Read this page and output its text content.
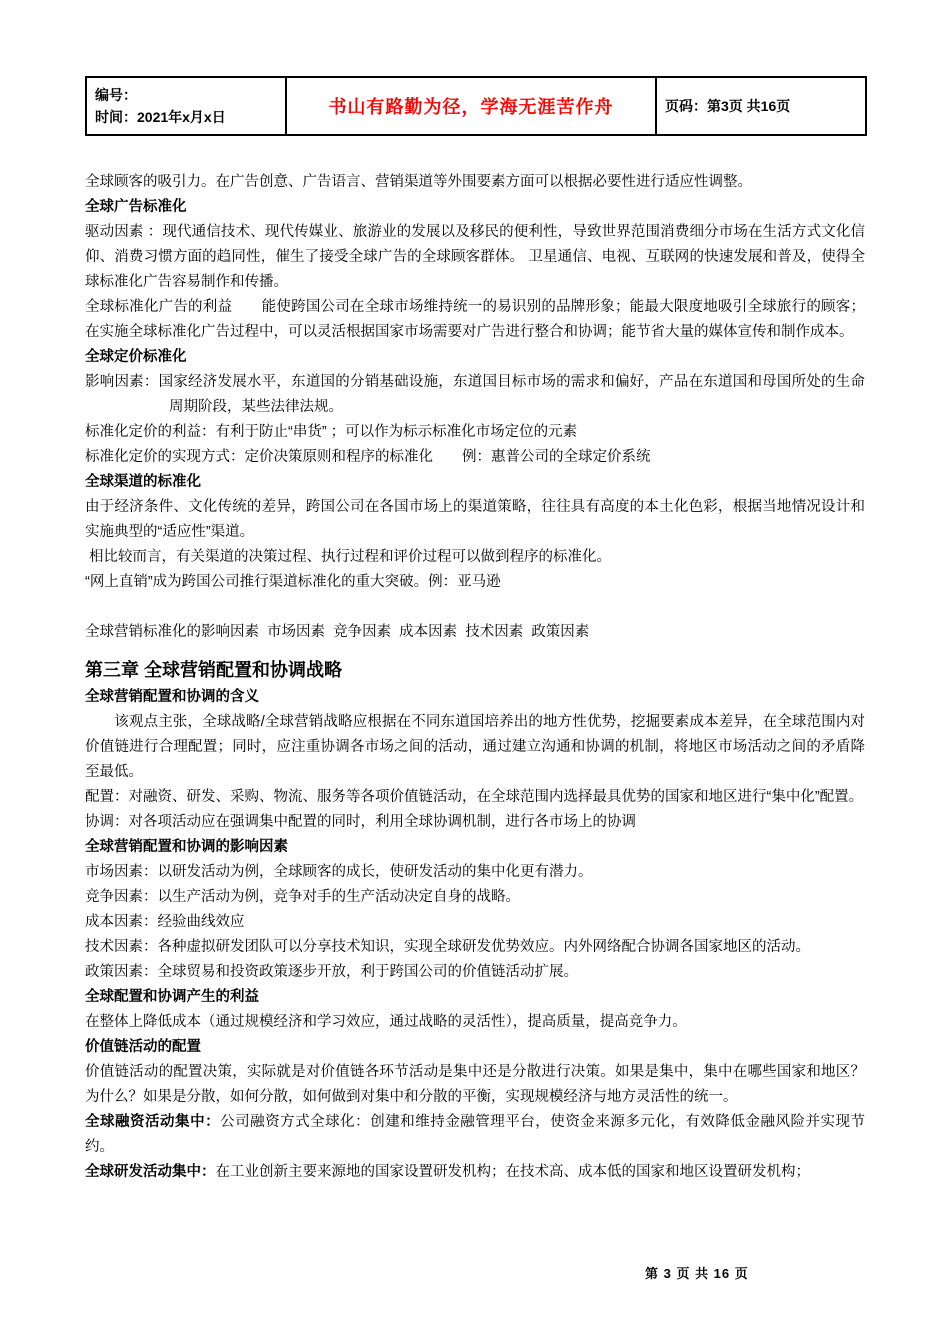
编号：
时间：2021年x月x日	书山有路勤为径，学海无涯苦作舟	页码：第3页 共16页
全球顾客的吸引力。在广告创意、广告语言、营销渠道等外围要素方面可以根据必要性进行适应性调整。
全球广告标准化
驱动因素 ：现代通信技术、现代传媒业、旅游业的发展以及移民的便利性，导致世界范围消费细分市场在生活方式文化信仰、消费习惯方面的趋同性，催生了接受全球广告的全球顾客群体。 卫星通信、电视、互联网的快速发展和普及，使得全球标准化广告容易制作和传播。
全球标准化广告的利益　　能使跨国公司在全球市场维持统一的易识别的品牌形象；能最大限度地吸引全球旅行的顾客；在实施全球标准化广告过程中，可以灵活根据国家市场需要对广告进行整合和协调；能节省大量的媒体宣传和制作成本。
全球定价标准化
影响因素：国家经济发展水平，东道国的分销基础设施，东道国目标市场的需求和偏好，产品在东道国和母国所处的生命周期阶段，某些法律法规。
标准化定价的利益：有利于防止“串货” ；可以作为标示标准化市场定位的元素
标准化定价的实现方式：定价决策原则和程序的标准化　　例：惠普公司的全球定价系统
全球渠道的标准化
由于经济条件、文化传统的差异，跨国公司在各国市场上的渠道策略，往往具有高度的本土化色彩，根据当地情况设计和实施典型的“适应性”渠道。
相比较而言，有关渠道的决策过程、执行过程和评价过程可以做到程序的标准化。
“网上直销”成为跨国公司推行渠道标准化的重大突破。例：亚马逊
全球营销标准化的影响因素  市场因素  竞争因素  成本因素  技术因素  政策因素
第三章 全球营销配置和协调战略
全球营销配置和协调的含义
　　该观点主张，全球战略/全球营销战略应根据在不同东道国培养出的地方性优势，挖掘要素成本差异，在全球范围内对价值链进行合理配置；同时，应注重协调各市场之间的活动，通过建立沟通和协调的机制，将地区市场活动之间的矛盾降至最低。
配置：对融资、研发、采购、物流、服务等各项价值链活动，在全球范围内选择最具优势的国家和地区进行“集中化”配置。
协调：对各项活动应在强调集中配置的同时，利用全球协调机制，进行各市场上的协调
全球营销配置和协调的影响因素
市场因素：以研发活动为例，全球顾客的成长，使研发活动的集中化更有潜力。
竞争因素：以生产活动为例，竞争对手的生产活动决定自身的战略。
成本因素：经验曲线效应
技术因素：各种虚拟研发团队可以分享技术知识，实现全球研发优势效应。内外网络配合协调各国家地区的活动。
政策因素：全球贸易和投资政策逐步开放，利于跨国公司的价值链活动扩展。
全球配置和协调产生的利益
在整体上降低成本（通过规模经济和学习效应，通过战略的灵活性），提高质量，提高竞争力。
价值链活动的配置
价值链活动的配置决策，实际就是对价值链各环节活动是集中还是分散进行决策。如果是集中，集中在哪些国家和地区？为什么？如果是分散，如何分散，如何做到对集中和分散的平衡，实现规模经济与地方灵活性的统一。
全球融资活动集中：公司融资方式全球化：创建和维持金融管理平台，使资金来源多元化，有效降低金融风险并实现节约。
全球研发活动集中：在工业创新主要来源地的国家设置研发机构；在技术高、成本低的国家和地区设置研发机构；
第 3 页 共 16 页
